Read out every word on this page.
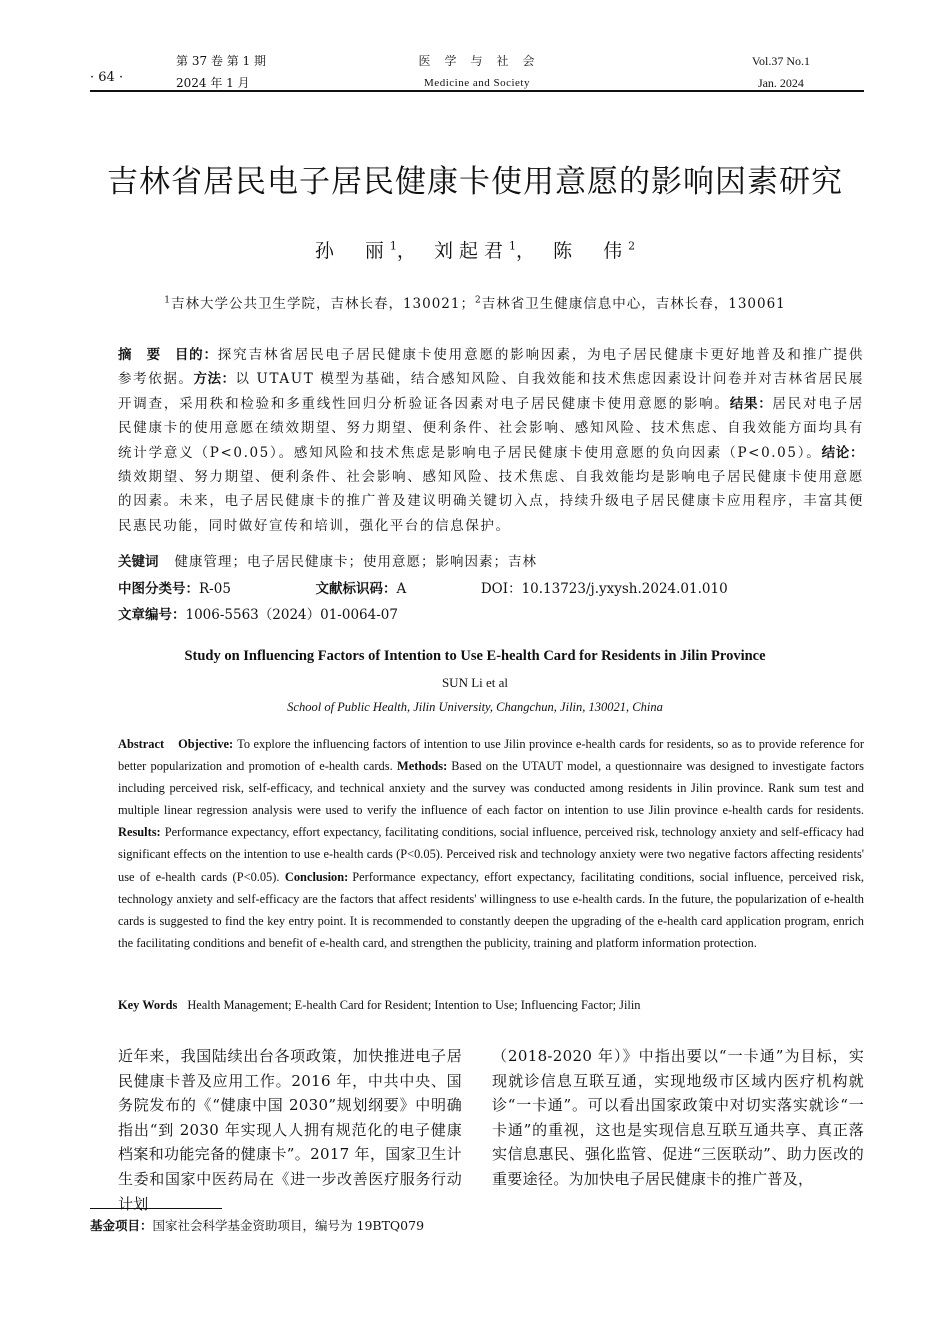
· 64 ·
第 37 卷 第 1 期
2024 年 1 月
医　学　与　社　会
Medicine and Society
Vol.37 No.1
Jan. 2024
吉林省居民电子居民健康卡使用意愿的影响因素研究
孙　丽$^1$， 刘起君$^1$， 陈　伟$^2$
$^1$吉林大学公共卫生学院，吉林长春，130021；$^2$吉林省卫生健康信息中心，吉林长春，130061
摘　要 目的：探究吉林省居民电子居民健康卡使用意愿的影响因素，为电子居民健康卡更好地普及和推广提供参考依据。方法：以 UTAUT 模型为基础，结合感知风险、自我效能和技术焦虑因素设计问卷并对吉林省居民展开调查，采用秩和检验和多重线性回归分析验证各因素对电子居民健康卡使用意愿的影响。结果：居民对电子居民健康卡的使用意愿在绩效期望、努力期望、便利条件、社会影响、感知风险、技术焦虑、自我效能方面均具有统计学意义（P<0.05）。感知风险和技术焦虑是影响电子居民健康卡使用意愿的负向因素（P<0.05）。结论：绩效期望、努力期望、便利条件、社会影响、感知风险、技术焦虑、自我效能均是影响电子居民健康卡使用意愿的因素。未来，电子居民健康卡的推广普及建议明确关键切入点，持续升级电子居民健康卡应用程序，丰富其便民惠民功能，同时做好宣传和培训，强化平台的信息保护。
关键词 健康管理；电子居民健康卡；使用意愿；影响因素；吉林
中图分类号：R-05	文献标识码：A	DOI：10.13723/j.yxysh.2024.01.010
文章编号：1006-5563（2024）01-0064-07
Study on Influencing Factors of Intention to Use E-health Card for Residents in Jilin Province
SUN Li et al
School of Public Health, Jilin University, Changchun, Jilin, 130021, China
Abstract Objective: To explore the influencing factors of intention to use Jilin province e-health cards for residents, so as to provide reference for better popularization and promotion of e-health cards. Methods: Based on the UTAUT model, a questionnaire was designed to investigate factors including perceived risk, self-efficacy, and technical anxiety and the survey was conducted among residents in Jilin province. Rank sum test and multiple linear regression analysis were used to verify the influence of each factor on intention to use Jilin province e-health cards for residents. Results: Performance expectancy, effort expectancy, facilitating conditions, social influence, perceived risk, technology anxiety and self-efficacy had significant effects on the intention to use e-health cards (P<0.05). Perceived risk and technology anxiety were two negative factors affecting residents' use of e-health cards (P<0.05). Conclusion: Performance expectancy, effort expectancy, facilitating conditions, social influence, perceived risk, technology anxiety and self-efficacy are the factors that affect residents' willingness to use e-health cards. In the future, the popularization of e-health cards is suggested to find the key entry point. It is recommended to constantly deepen the upgrading of the e-health card application program, enrich the facilitating conditions and benefit of e-health card, and strengthen the publicity, training and platform information protection.
Key Words Health Management; E-health Card for Resident; Intention to Use; Influencing Factor; Jilin
近年来，我国陆续出台各项政策，加快推进电子居民健康卡普及应用工作。2016 年，中共中央、国务院发布的《“健康中国 2030”规划纲要》中明确指出“到 2030 年实现人人拥有规范化的电子健康档案和功能完备的健康卡”。2017 年，国家卫生计生委和国家中医药局在《进一步改善医疗服务行动计划
（2018-2020 年）》中指出要以“一卡通”为目标，实现就诊信息互联互通，实现地级市区域内医疗机构就诊“一卡通”。可以看出国家政策中对切实落实就诊“一卡通”的重视，这也是实现信息互联互通共享、真正落实信息惠民、强化监管、促进“三医联动”、助力医改的重要途径。为加快电子居民健康卡的推广普及，
基金项目：国家社会科学基金资助项目，编号为 19BTQ079
